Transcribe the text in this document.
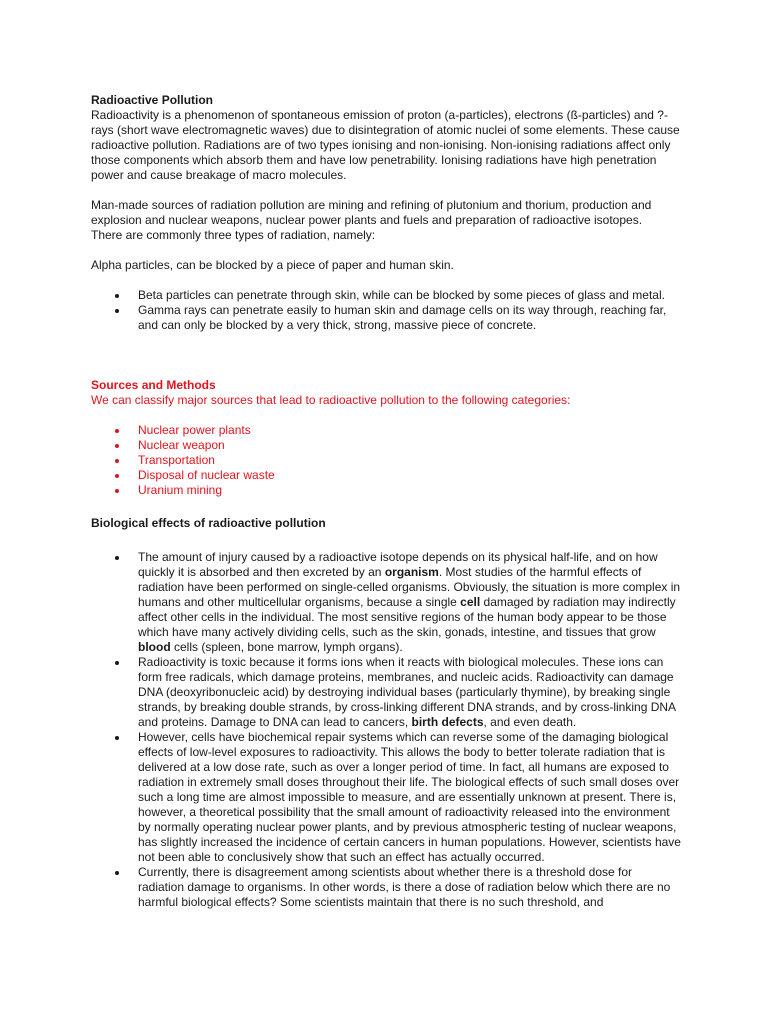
Radioactive Pollution

Radioactivity is a phenomenon of spontaneous emission of proton (a-particles), electrons (ß-particles) and ?-rays (short wave electromagnetic waves) due to disintegration of atomic nuclei of some elements. These cause radioactive pollution. Radiations are of two types ionising and non-ionising. Non-ionising radiations affect only those components which absorb them and have low penetrability. Ionising radiations have high penetration power and cause breakage of macro molecules.

Man-made sources of radiation pollution are mining and refining of plutonium and thorium, production and explosion and nuclear weapons, nuclear power plants and fuels and preparation of radioactive isotopes.

There are commonly three types of radiation, namely:

Alpha particles, can be blocked by a piece of paper and human skin.

Beta particles can penetrate through skin, while can be blocked by some pieces of glass and metal.
Gamma rays can penetrate easily to human skin and damage cells on its way through, reaching far, and can only be blocked by a very thick, strong, massive piece of concrete.
Sources and Methods

We can classify major sources that lead to radioactive pollution to the following categories:

Nuclear power plants
Nuclear weapon
Transportation
Disposal of nuclear waste
Uranium mining
Biological effects of radioactive pollution
The amount of injury caused by a radioactive isotope depends on its physical half-life, and on how quickly it is absorbed and then excreted by an organism. Most studies of the harmful effects of radiation have been performed on single-celled organisms. Obviously, the situation is more complex in humans and other multicellular organisms, because a single cell damaged by radiation may indirectly affect other cells in the individual. The most sensitive regions of the human body appear to be those which have many actively dividing cells, such as the skin, gonads, intestine, and tissues that grow blood cells (spleen, bone marrow, lymph organs).
Radioactivity is toxic because it forms ions when it reacts with biological molecules. These ions can form free radicals, which damage proteins, membranes, and nucleic acids. Radioactivity can damage DNA (deoxyribonucleic acid) by destroying individual bases (particularly thymine), by breaking single strands, by breaking double strands, by cross-linking different DNA strands, and by cross-linking DNA and proteins. Damage to DNA can lead to cancers, birth defects, and even death.
However, cells have biochemical repair systems which can reverse some of the damaging biological effects of low-level exposures to radioactivity. This allows the body to better tolerate radiation that is delivered at a low dose rate, such as over a longer period of time. In fact, all humans are exposed to radiation in extremely small doses throughout their life. The biological effects of such small doses over such a long time are almost impossible to measure, and are essentially unknown at present. There is, however, a theoretical possibility that the small amount of radioactivity released into the environment by normally operating nuclear power plants, and by previous atmospheric testing of nuclear weapons, has slightly increased the incidence of certain cancers in human populations. However, scientists have not been able to conclusively show that such an effect has actually occurred.
Currently, there is disagreement among scientists about whether there is a threshold dose for radiation damage to organisms. In other words, is there a dose of radiation below which there are no harmful biological effects? Some scientists maintain that there is no such threshold, and
